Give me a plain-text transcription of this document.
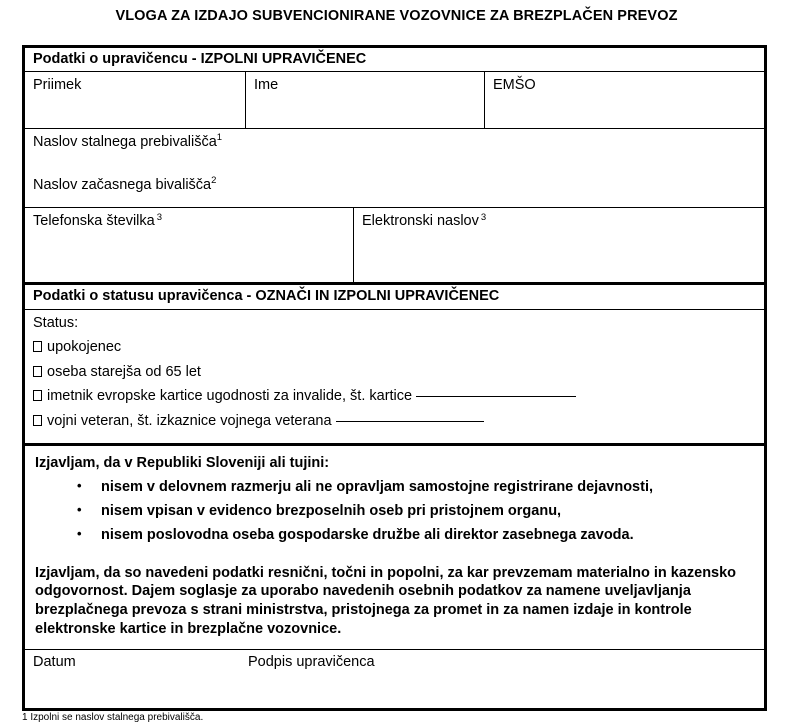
VLOGA ZA IZDAJO SUBVENCIONIRANE VOZOVNICE ZA BREZPLAČEN PREVOZ
Podatki o upravičencu - IZPOLNI UPRAVIČENEC
Priimek	Ime	EMŠO
Naslov stalnega prebivališča$^1$
Naslov začasnega bivališča$^2$
Telefonska številka $^3$	Elektronski naslov $^3$
Podatki o statusu upravičenca - OZNAČI IN IZPOLNI UPRAVIČENEC
Status:
upokojenec
oseba starejša od 65 let
imetnik evropske kartice ugodnosti za invalide, št. kartice
vojni veteran, št. izkaznice vojnega veterana

Izjavljam, da v Republiki Sloveniji ali tujini:

• nisem v delovnem razmerju ali ne opravljam samostojne registrirane dejavnosti,
• nisem vpisan v evidenco brezposelnih oseb pri pristojnem organu,
• nisem poslovodna oseba gospodarske družbe ali direktor zasebnega zavoda.

Izjavljam, da so navedeni podatki resnični, točni in popolni, za kar prevzemam materialno in kazensko odgovornost. Dajem soglasje za uporabo navedenih osebnih podatkov za namene uveljavljanja brezplačnega prevoza s strani ministrstva, pristojnega za promet in za namen izdaje in kontrole elektronske kartice in brezplačne vozovnice.

Datum	Podpis upravičenca
1 Izpolni se naslov stalnega prebivališča.
